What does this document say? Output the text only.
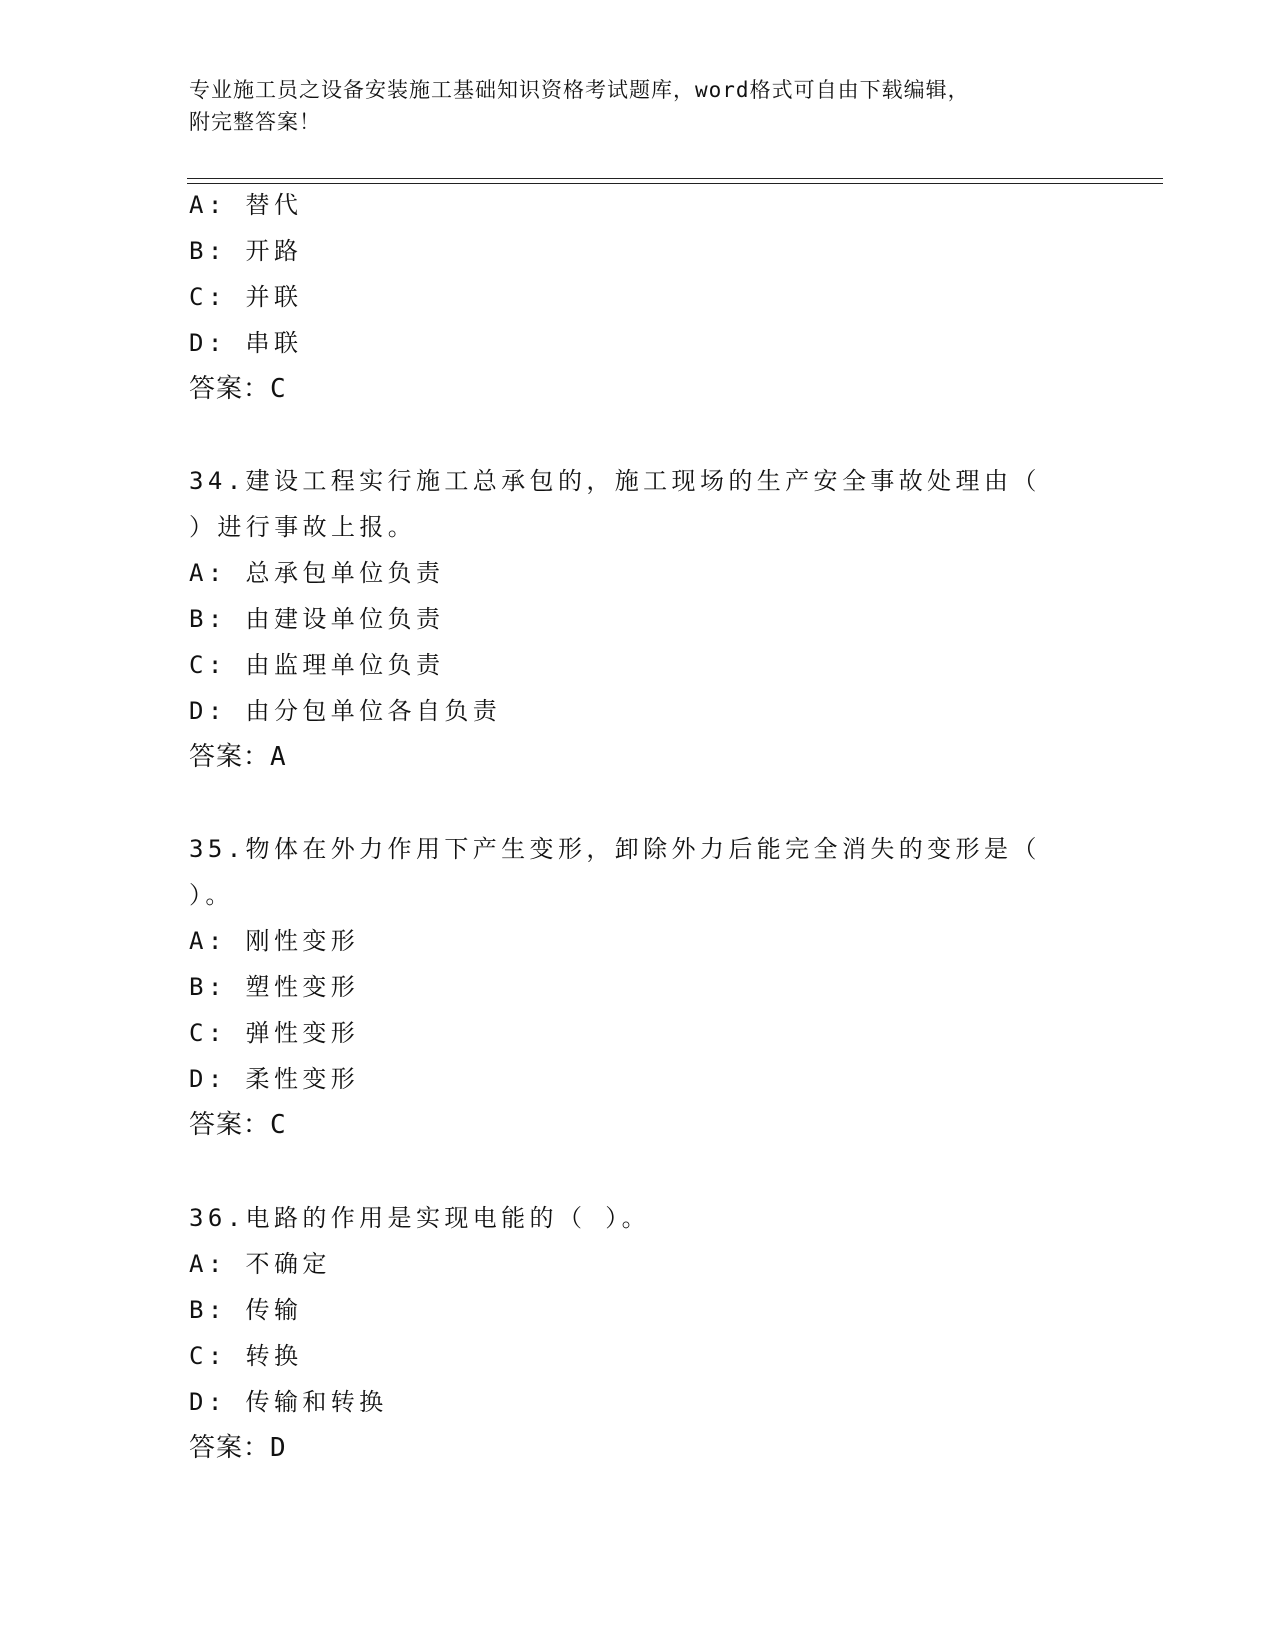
专业施工员之设备安装施工基础知识资格考试题库，word格式可自由下载编辑，
附完整答案！
A: 替代
B: 开路
C: 并联
D: 串联
答案：C
34.建设工程实行施工总承包的，施工现场的生产安全事故处理由（
）进行事故上报。
A: 总承包单位负责
B: 由建设单位负责
C: 由监理单位负责
D: 由分包单位各自负责
答案：A
35.物体在外力作用下产生变形，卸除外力后能完全消失的变形是（
）。
A: 刚性变形
B: 塑性变形
C: 弹性变形
D: 柔性变形
答案：C
36.电路的作用是实现电能的（ ）。
A: 不确定
B: 传输
C: 转换
D: 传输和转换
答案：D
